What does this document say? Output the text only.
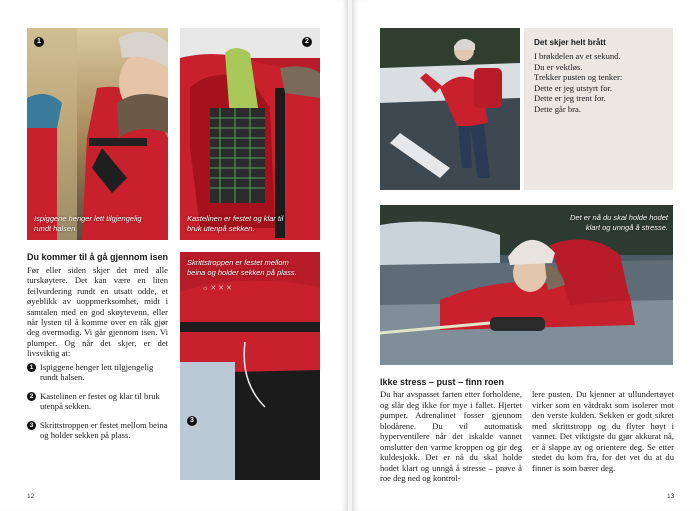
1
Ispiggene henger lett tilgjengelig rundt halsen.
2
Kastelinen er festet og klar til bruk utenpå sekken.
☼ ✕ ✕ ✕
Skrittstroppen er festet mellom beina og holder sekken på plass.
3
Du kommer til å gå gjennom isen
Før eller siden skjer det med alle turskøytere. Det kan være en liten feilvurdering rundt en utsatt odde, et øyeblikk av uoppmerksomhet, midt i samtalen med en god skøytevenn, eller når lysten til å komme over en råk gjør deg overmodig. Vi går gjennom isen. Vi plumper. Og når det skjer, er det livsviktig at:
1 Ispiggene henger lett tilgjengelig rundt halsen.
2 Kastelinen er festet og klar til bruk utenpå sekken.
3 Skrittstroppen er festet mellom beina og holder sekken på plass.
12
Det skjer helt brått
I brøkdelen av et sekund.
Du er vektløs.
Trekker pusten og tenker:
Dette er jeg utstyrt for.
Dette er jeg trent for.
Dette går bra.
Det er nå du skal holde hodet klart og unngå å stresse.
Ikke stress – pust – finn roen
Du har avspasset farten etter forholdene, og slår deg ikke for mye i fallet. Hjertet pumper. Adrenalinet fosser gjennom blodårene. Du vil automatisk hyperventilere når det iskalde vannet omslutter den varme kroppen og gir deg kuldesjokk. Det er nå du skal holde hodet klart og unngå å stresse – prøve å roe deg ned og kontrol-
lere pusten. Du kjenner at ullundertøyet virker som en våtdrakt som isolerer mot den verste kulden. Sekken er godt sikret med skrittstropp og du flyter høyt i vannet. Det viktigste du gjør akkurat nå, er å slappe av og orientere deg. Se etter stedet du kom fra, for det vet du at du finner is som bærer deg.
13
